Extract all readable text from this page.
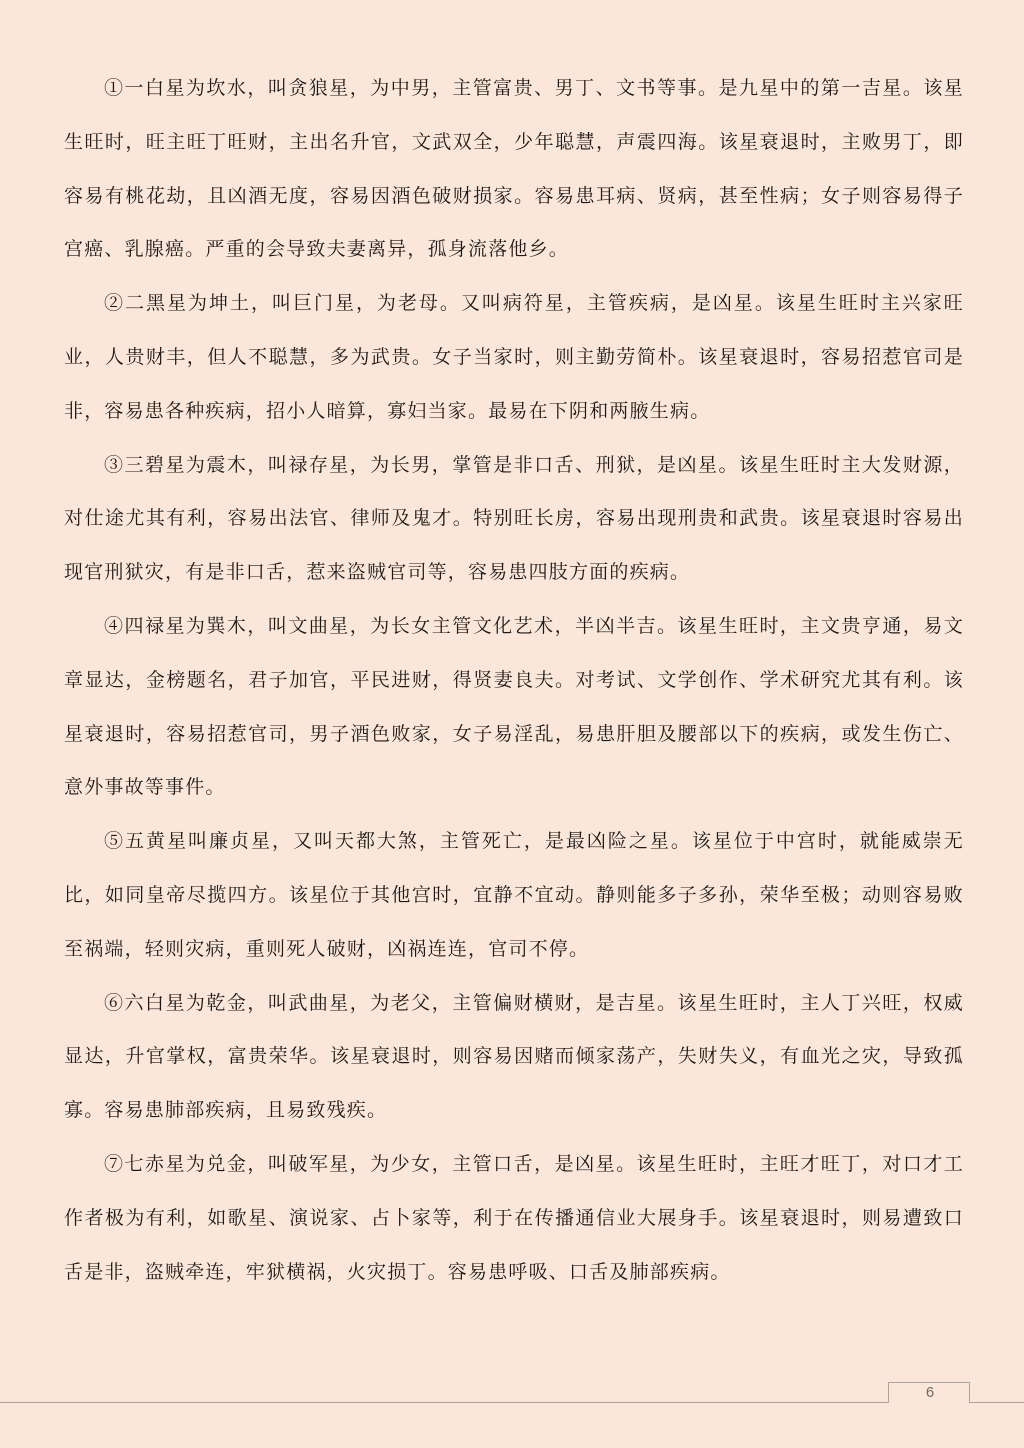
①一白星为坎水，叫贪狼星，为中男，主管富贵、男丁、文书等事。是九星中的第一吉星。该星生旺时，旺主旺丁旺财，主出名升官，文武双全，少年聪慧，声震四海。该星衰退时，主败男丁，即容易有桃花劫，且凶酒无度，容易因酒色破财损家。容易患耳病、贤病，甚至性病；女子则容易得子宫癌、乳腺癌。严重的会导致夫妻离异，孤身流落他乡。

②二黑星为坤土，叫巨门星，为老母。又叫病符星，主管疾病，是凶星。该星生旺时主兴家旺业，人贵财丰，但人不聪慧，多为武贵。女子当家时，则主勤劳简朴。该星衰退时，容易招惹官司是非，容易患各种疾病，招小人暗算，寡妇当家。最易在下阴和两腋生病。

③三碧星为震木，叫禄存星，为长男，掌管是非口舌、刑狱，是凶星。该星生旺时主大发财源，对仕途尤其有利，容易出法官、律师及鬼才。特别旺长房，容易出现刑贵和武贵。该星衰退时容易出现官刑狱灾，有是非口舌，惹来盗贼官司等，容易患四肢方面的疾病。

④四禄星为巽木，叫文曲星，为长女主管文化艺术，半凶半吉。该星生旺时，主文贵亨通，易文章显达，金榜题名，君子加官，平民进财，得贤妻良夫。对考试、文学创作、学术研究尤其有利。该星衰退时，容易招惹官司，男子酒色败家，女子易淫乱，易患肝胆及腰部以下的疾病，或发生伤亡、意外事故等事件。

⑤五黄星叫廉贞星，又叫天都大煞，主管死亡，是最凶险之星。该星位于中宫时，就能威崇无比，如同皇帝尽揽四方。该星位于其他宫时，宜静不宜动。静则能多子多孙，荣华至极；动则容易败至祸端，轻则灾病，重则死人破财，凶祸连连，官司不停。

⑥六白星为乾金，叫武曲星，为老父，主管偏财横财，是吉星。该星生旺时，主人丁兴旺，权威显达，升官掌权，富贵荣华。该星衰退时，则容易因赌而倾家荡产，失财失义，有血光之灾，导致孤寡。容易患肺部疾病，且易致残疾。

⑦七赤星为兑金，叫破军星，为少女，主管口舌，是凶星。该星生旺时，主旺才旺丁，对口才工作者极为有利，如歌星、演说家、占卜家等，利于在传播通信业大展身手。该星衰退时，则易遭致口舌是非，盗贼牵连，牢狱横祸，火灾损丁。容易患呼吸、口舌及肺部疾病。

6
